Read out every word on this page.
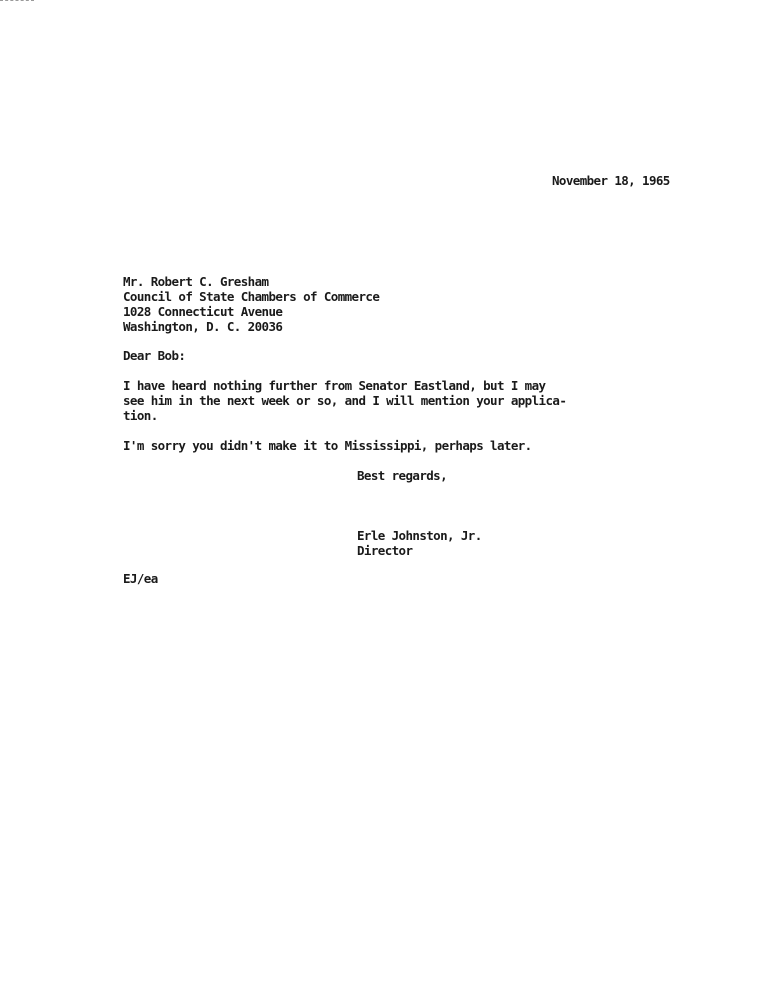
November 18, 1965
Mr. Robert C. Gresham
Council of State Chambers of Commerce
1028 Connecticut Avenue
Washington, D. C. 20036
Dear Bob:
I have heard nothing further from Senator Eastland, but I may
see him in the next week or so, and I will mention your applica-
tion.
I'm sorry you didn't make it to Mississippi, perhaps later.
Best regards,
Erle Johnston, Jr.
Director
EJ/ea
